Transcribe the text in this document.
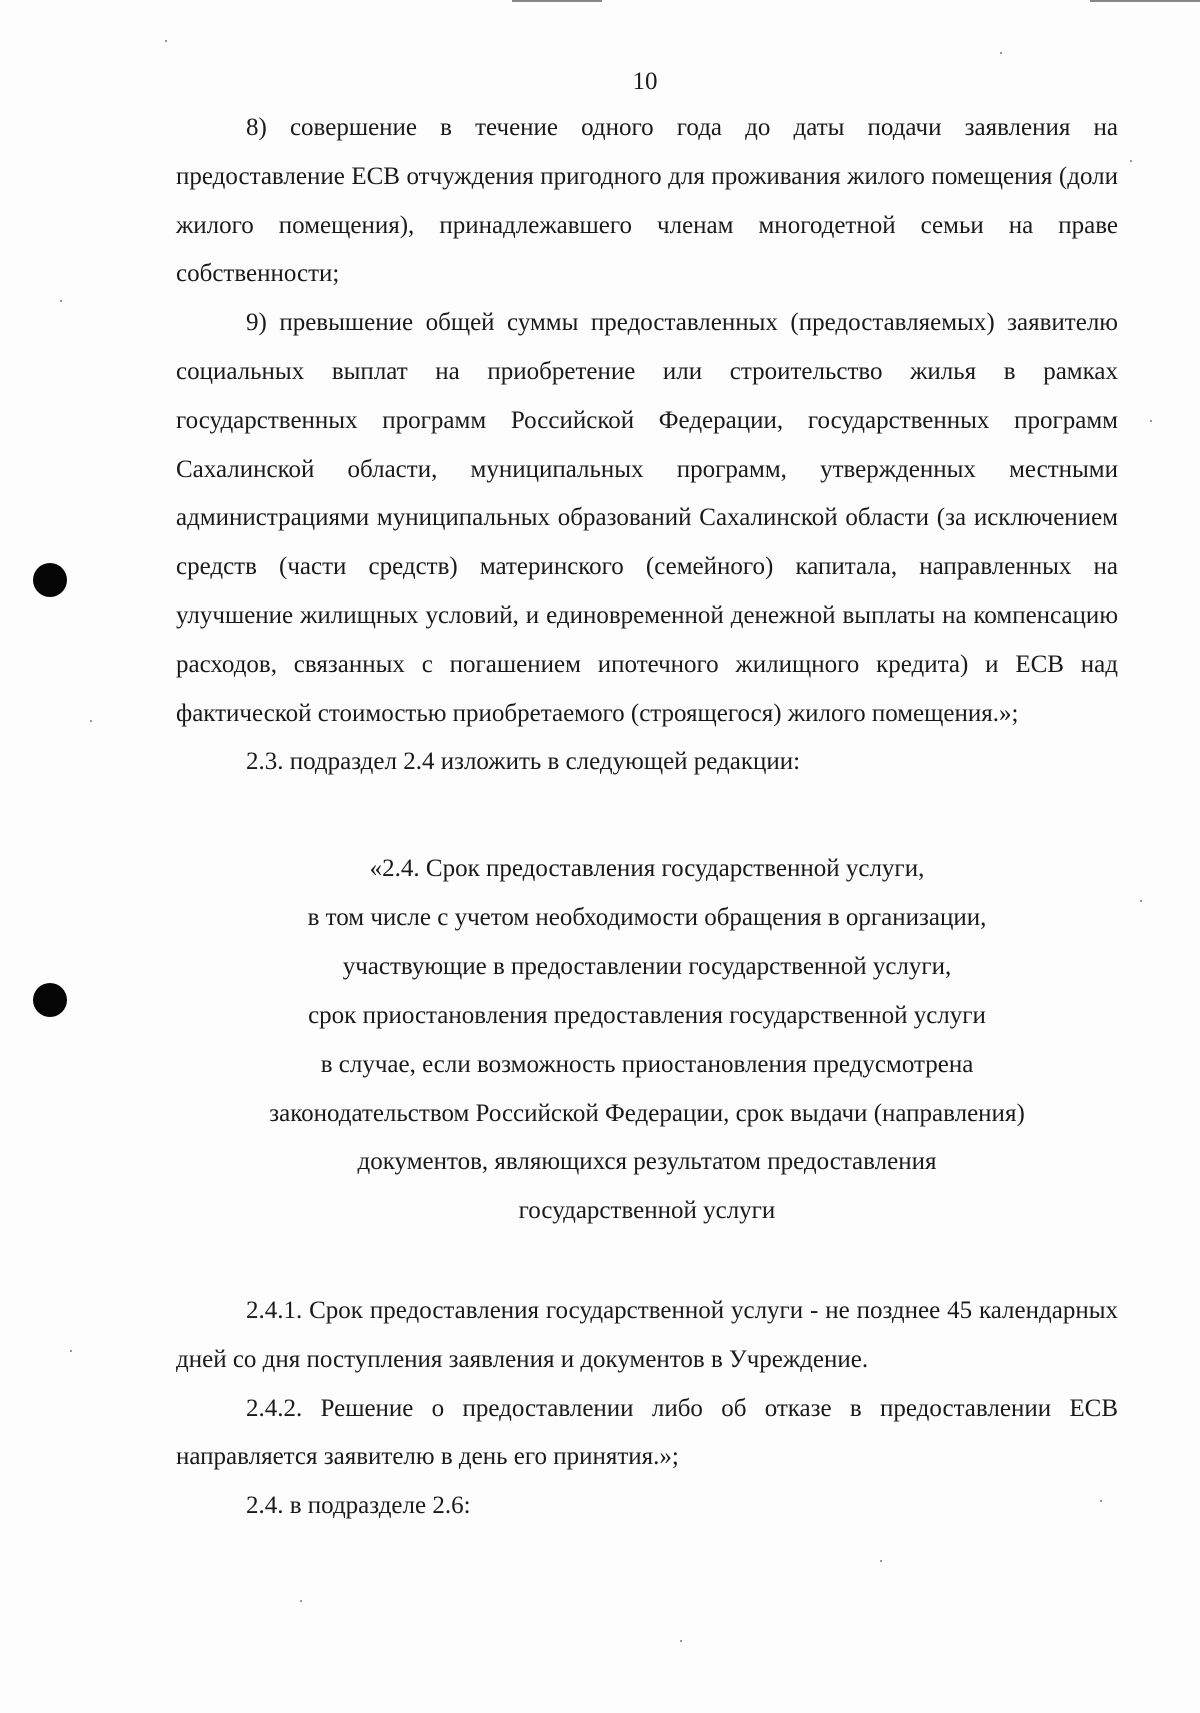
10

8) совершение в течение одного года до даты подачи заявления на предоставление ЕСВ отчуждения пригодного для проживания жилого помещения (доли жилого помещения), принадлежавшего членам многодетной семьи на праве собственности;

9) превышение общей суммы предоставленных (предоставляемых) заявителю социальных выплат на приобретение или строительство жилья в рамках государственных программ Российской Федерации, государственных программ Сахалинской области, муниципальных программ, утвержденных местными администрациями муниципальных образований Сахалинской области (за исключением средств (части средств) материнского (семейного) капитала, направленных на улучшение жилищных условий, и единовременной денежной выплаты на компенсацию расходов, связанных с погашением ипотечного жилищного кредита) и ЕСВ над фактической стоимостью приобретаемого (строящегося) жилого помещения.»;

2.3. подраздел 2.4 изложить в следующей редакции:

«2.4. Срок предоставления государственной услуги,
в том числе с учетом необходимости обращения в организации,
участвующие в предоставлении государственной услуги,
срок приостановления предоставления государственной услуги
в случае, если возможность приостановления предусмотрена
законодательством Российской Федерации, срок выдачи (направления)
документов, являющихся результатом предоставления
государственной услуги

2.4.1. Срок предоставления государственной услуги - не позднее 45 календарных дней со дня поступления заявления и документов в Учреждение.

2.4.2. Решение о предоставлении либо об отказе в предоставлении ЕСВ направляется заявителю в день его принятия.»;

2.4. в подразделе 2.6:
